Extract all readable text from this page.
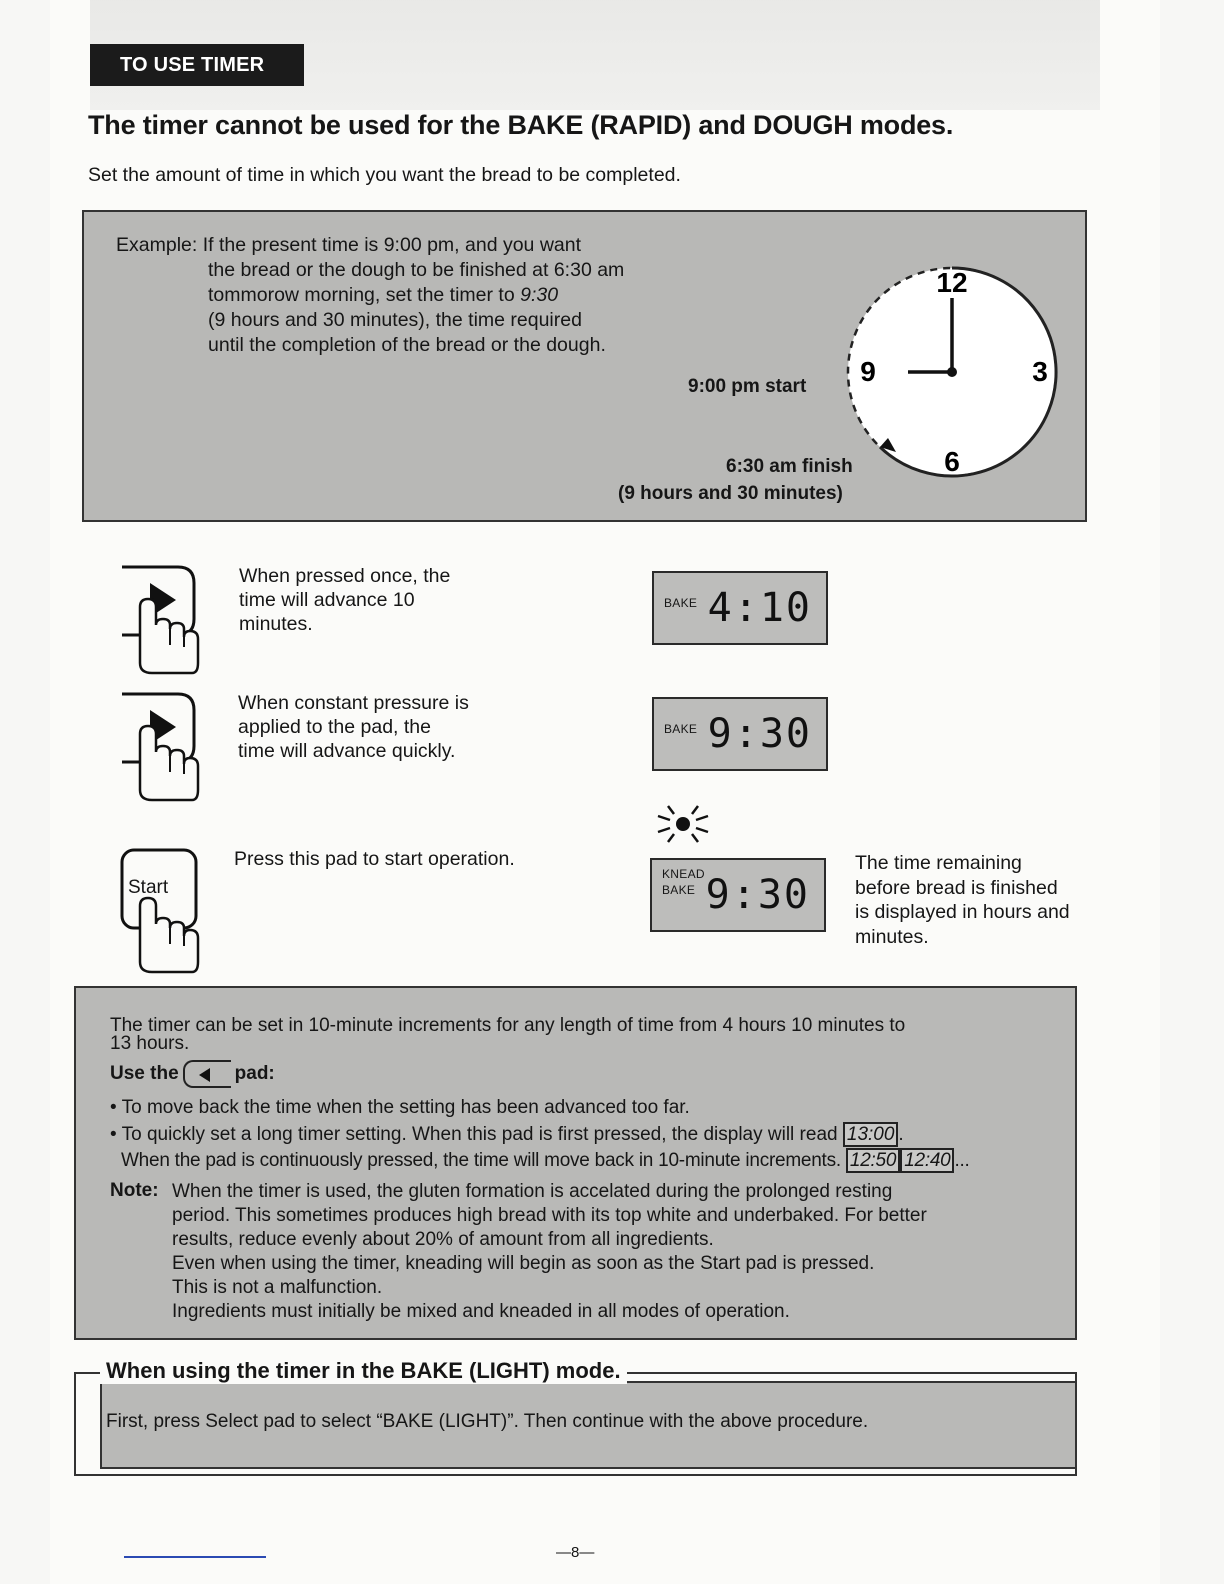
TO USE TIMER
The timer cannot be used for the BAKE (RAPID) and DOUGH modes.
Set the amount of time in which you want the bread to be completed.
Example: If the present time is 9:00 pm, and you want
the bread or the dough to be finished at 6:30 am
tommorow morning, set the timer to 9:30
(9 hours and 30 minutes), the time required
until the completion of the bread or the dough.
12
3
6
9
9:00 pm start
6:30 am finish
(9 hours and 30 minutes)
When pressed once, the
time will advance 10
minutes.
When constant pressure is
applied to the pad, the
time will advance quickly.
Start
Press this pad to start operation.
BAKE 4:10
BAKE 9:30
KNEAD
BAKE 9:30
The time remaining
before bread is finished
is displayed in hours and
minutes.
The timer can be set in 10-minute increments for any length of time from 4 hours 10 minutes to
13 hours.
Use the	pad:
• To move back the time when the setting has been advanced too far.
• To quickly set a long timer setting. When this pad is first pressed, the display will read 13:00 .
When the pad is continuously pressed, the time will move back in 10-minute increments. 12:50 12:40 ...
Note: When the timer is used, the gluten formation is accelated during the prolonged resting
period. This sometimes produces high bread with its top white and underbaked. For better
results, reduce evenly about 20% of amount from all ingredients.
Even when using the timer, kneading will begin as soon as the Start pad is pressed.
This is not a malfunction.
Ingredients must initially be mixed and kneaded in all modes of operation.
When using the timer in the BAKE (LIGHT) mode.
First, press Select pad to select “BAKE (LIGHT)”. Then continue with the above procedure.
—8—
